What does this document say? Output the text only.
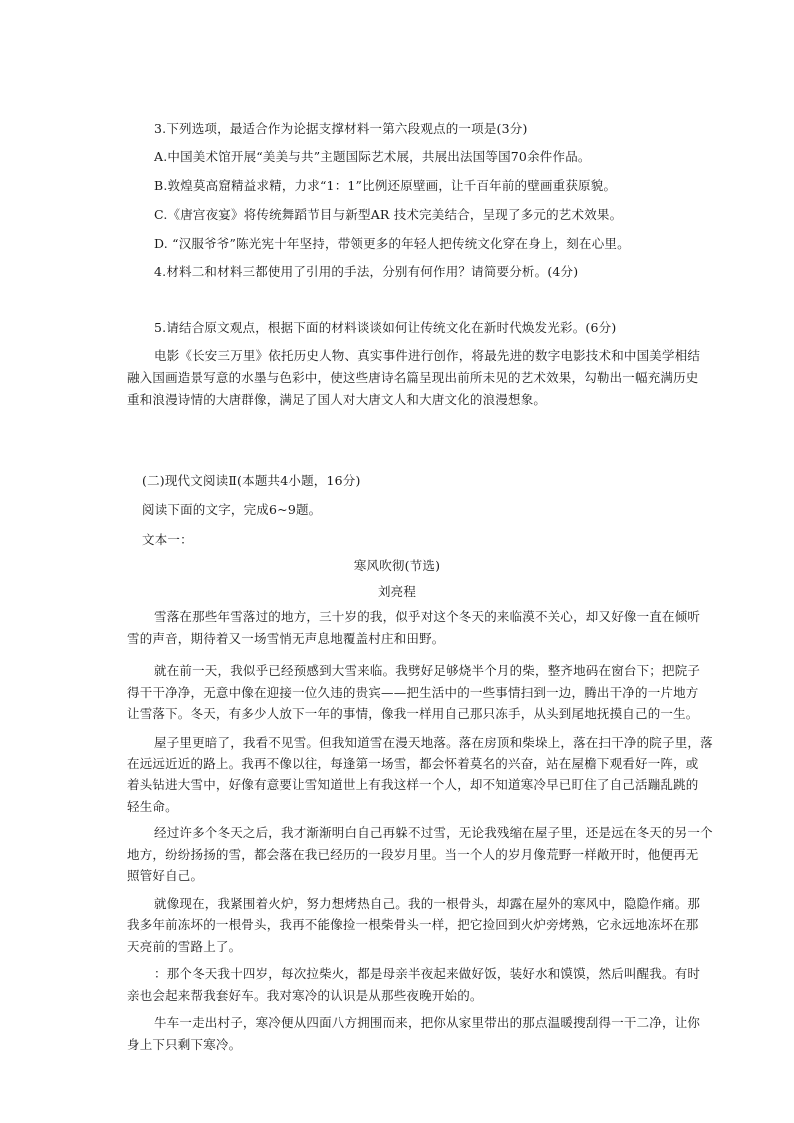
3.下列选项，最适合作为论据支撑材料一第六段观点的一项是(3分)
A.中国美术馆开展“美美与共”主题国际艺术展，共展出法国等国70余件作品。
B.敦煌莫高窟精益求精，力求“1：1”比例还原壁画，让千百年前的壁画重获原貌。
C.《唐宫夜宴》将传统舞蹈节目与新型AR 技术完美结合，呈现了多元的艺术效果。
D. “汉服爷爷”陈光宪十年坚持，带领更多的年轻人把传统文化穿在身上，刻在心里。
4.材料二和材料三都使用了引用的手法，分别有何作用？请简要分析。(4分)
5.请结合原文观点，根据下面的材料谈谈如何让传统文化在新时代焕发光彩。(6分)
电影《长安三万里》依托历史人物、真实事件进行创作，将最先进的数字电影技术和中国美学相结
融入国画造景写意的水墨与色彩中，使这些唐诗名篇呈现出前所未见的艺术效果，勾勒出一幅充满历史
重和浪漫诗情的大唐群像，满足了国人对大唐文人和大唐文化的浪漫想象。
(二)现代文阅读Ⅱ(本题共4小题，16分)
阅读下面的文字，完成6~9题。
文本一：
寒风吹彻(节选)
刘亮程
雪落在那些年雪落过的地方，三十岁的我，似乎对这个冬天的来临漠不关心，却又好像一直在倾听
雪的声音，期待着又一场雪悄无声息地覆盖村庄和田野。
就在前一天，我似乎已经预感到大雪来临。我劈好足够烧半个月的柴，整齐地码在窗台下；把院子
得干干净净，无意中像在迎接一位久违的贵宾——把生活中的一些事情扫到一边，腾出干净的一片地方
让雪落下。冬天，有多少人放下一年的事情，像我一样用自己那只冻手，从头到尾地抚摸自己的一生。
屋子里更暗了，我看不见雪。但我知道雪在漫天地落。落在房顶和柴垛上，落在扫干净的院子里，落
在远远近近的路上。我再不像以往，每逢第一场雪，都会怀着莫名的兴奋，站在屋檐下观看好一阵，或
着头钻进大雪中，好像有意要让雪知道世上有我这样一个人，却不知道寒冷早已盯住了自己活蹦乱跳的
轻生命。
经过许多个冬天之后，我才渐渐明白自己再躲不过雪，无论我残缩在屋子里，还是远在冬天的另一个
地方，纷纷扬扬的雪，都会落在我已经历的一段岁月里。当一个人的岁月像荒野一样敞开时，他便再无
照管好自己。
就像现在，我紧围着火炉，努力想烤热自己。我的一根骨头，却露在屋外的寒风中，隐隐作痛。那
我多年前冻坏的一根骨头，我再不能像捡一根柴骨头一样，把它捡回到火炉旁烤熟，它永远地冻坏在那
天亮前的雪路上了。
：那个冬天我十四岁，每次拉柴火，都是母亲半夜起来做好饭，装好水和馍馍，然后叫醒我。有时
亲也会起来帮我套好车。我对寒冷的认识是从那些夜晚开始的。
牛车一走出村子，寒冷便从四面八方拥围而来，把你从家里带出的那点温暖搜刮得一干二净，让你
身上下只剩下寒冷。
